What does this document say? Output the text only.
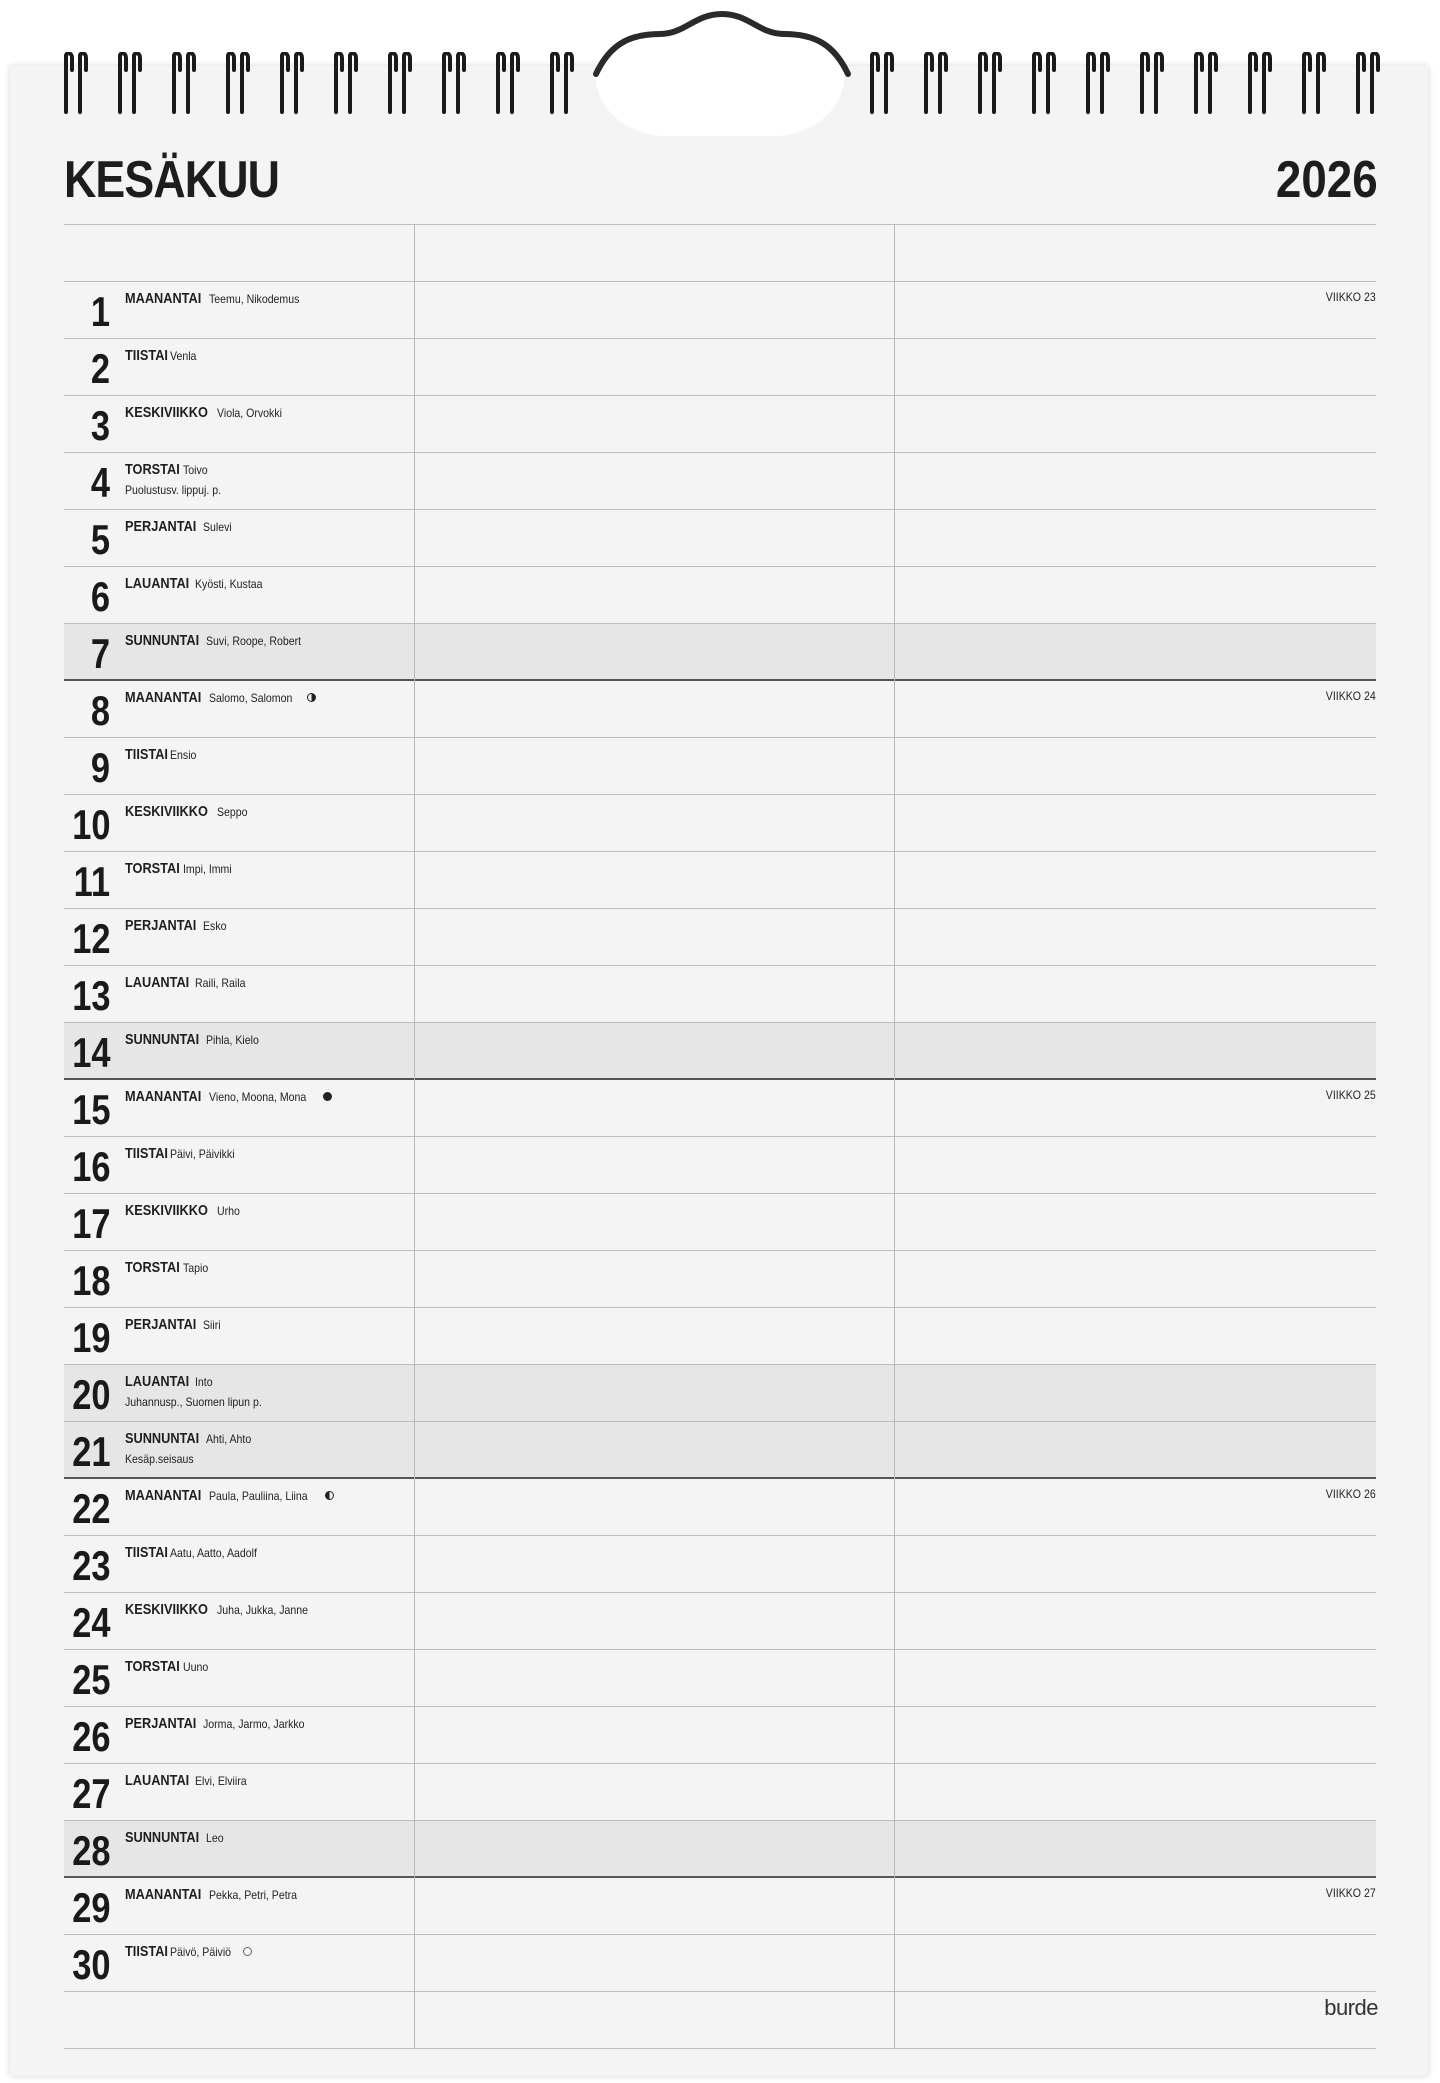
KESÄKUU	2026
1 MAANANTAI Teemu, Nikodemus	VIIKKO 23
2 TIISTAI Venla
3 KESKIVIIKKO Viola, Orvokki
4 TORSTAI Toivo
Puolustusv. lippuj. p.
5 PERJANTAI Sulevi
6 LAUANTAI Kyösti, Kustaa
7 SUNNUNTAI Suvi, Roope, Robert
8 MAANANTAI Salomo, Salomon	VIIKKO 24
9 TIISTAI Ensio
10 KESKIVIIKKO Seppo
11 TORSTAI Impi, Immi
12 PERJANTAI Esko
13 LAUANTAI Raili, Raila
14 SUNNUNTAI Pihla, Kielo
15 MAANANTAI Vieno, Moona, Mona	VIIKKO 25
16 TIISTAI Päivi, Päivikki
17 KESKIVIIKKO Urho
18 TORSTAI Tapio
19 PERJANTAI Siiri
20 LAUANTAI Into
Juhannusp., Suomen lipun p.
21 SUNNUNTAI Ahti, Ahto
Kesäp.seisaus
22 MAANANTAI Paula, Pauliina, Liina	VIIKKO 26
23 TIISTAI Aatu, Aatto, Aadolf
24 KESKIVIIKKO Juha, Jukka, Janne
25 TORSTAI Uuno
26 PERJANTAI Jorma, Jarmo, Jarkko
27 LAUANTAI Elvi, Elviira
28 SUNNUNTAI Leo
29 MAANANTAI Pekka, Petri, Petra	VIIKKO 27
30 TIISTAI Päivö, Päiviö
burde
